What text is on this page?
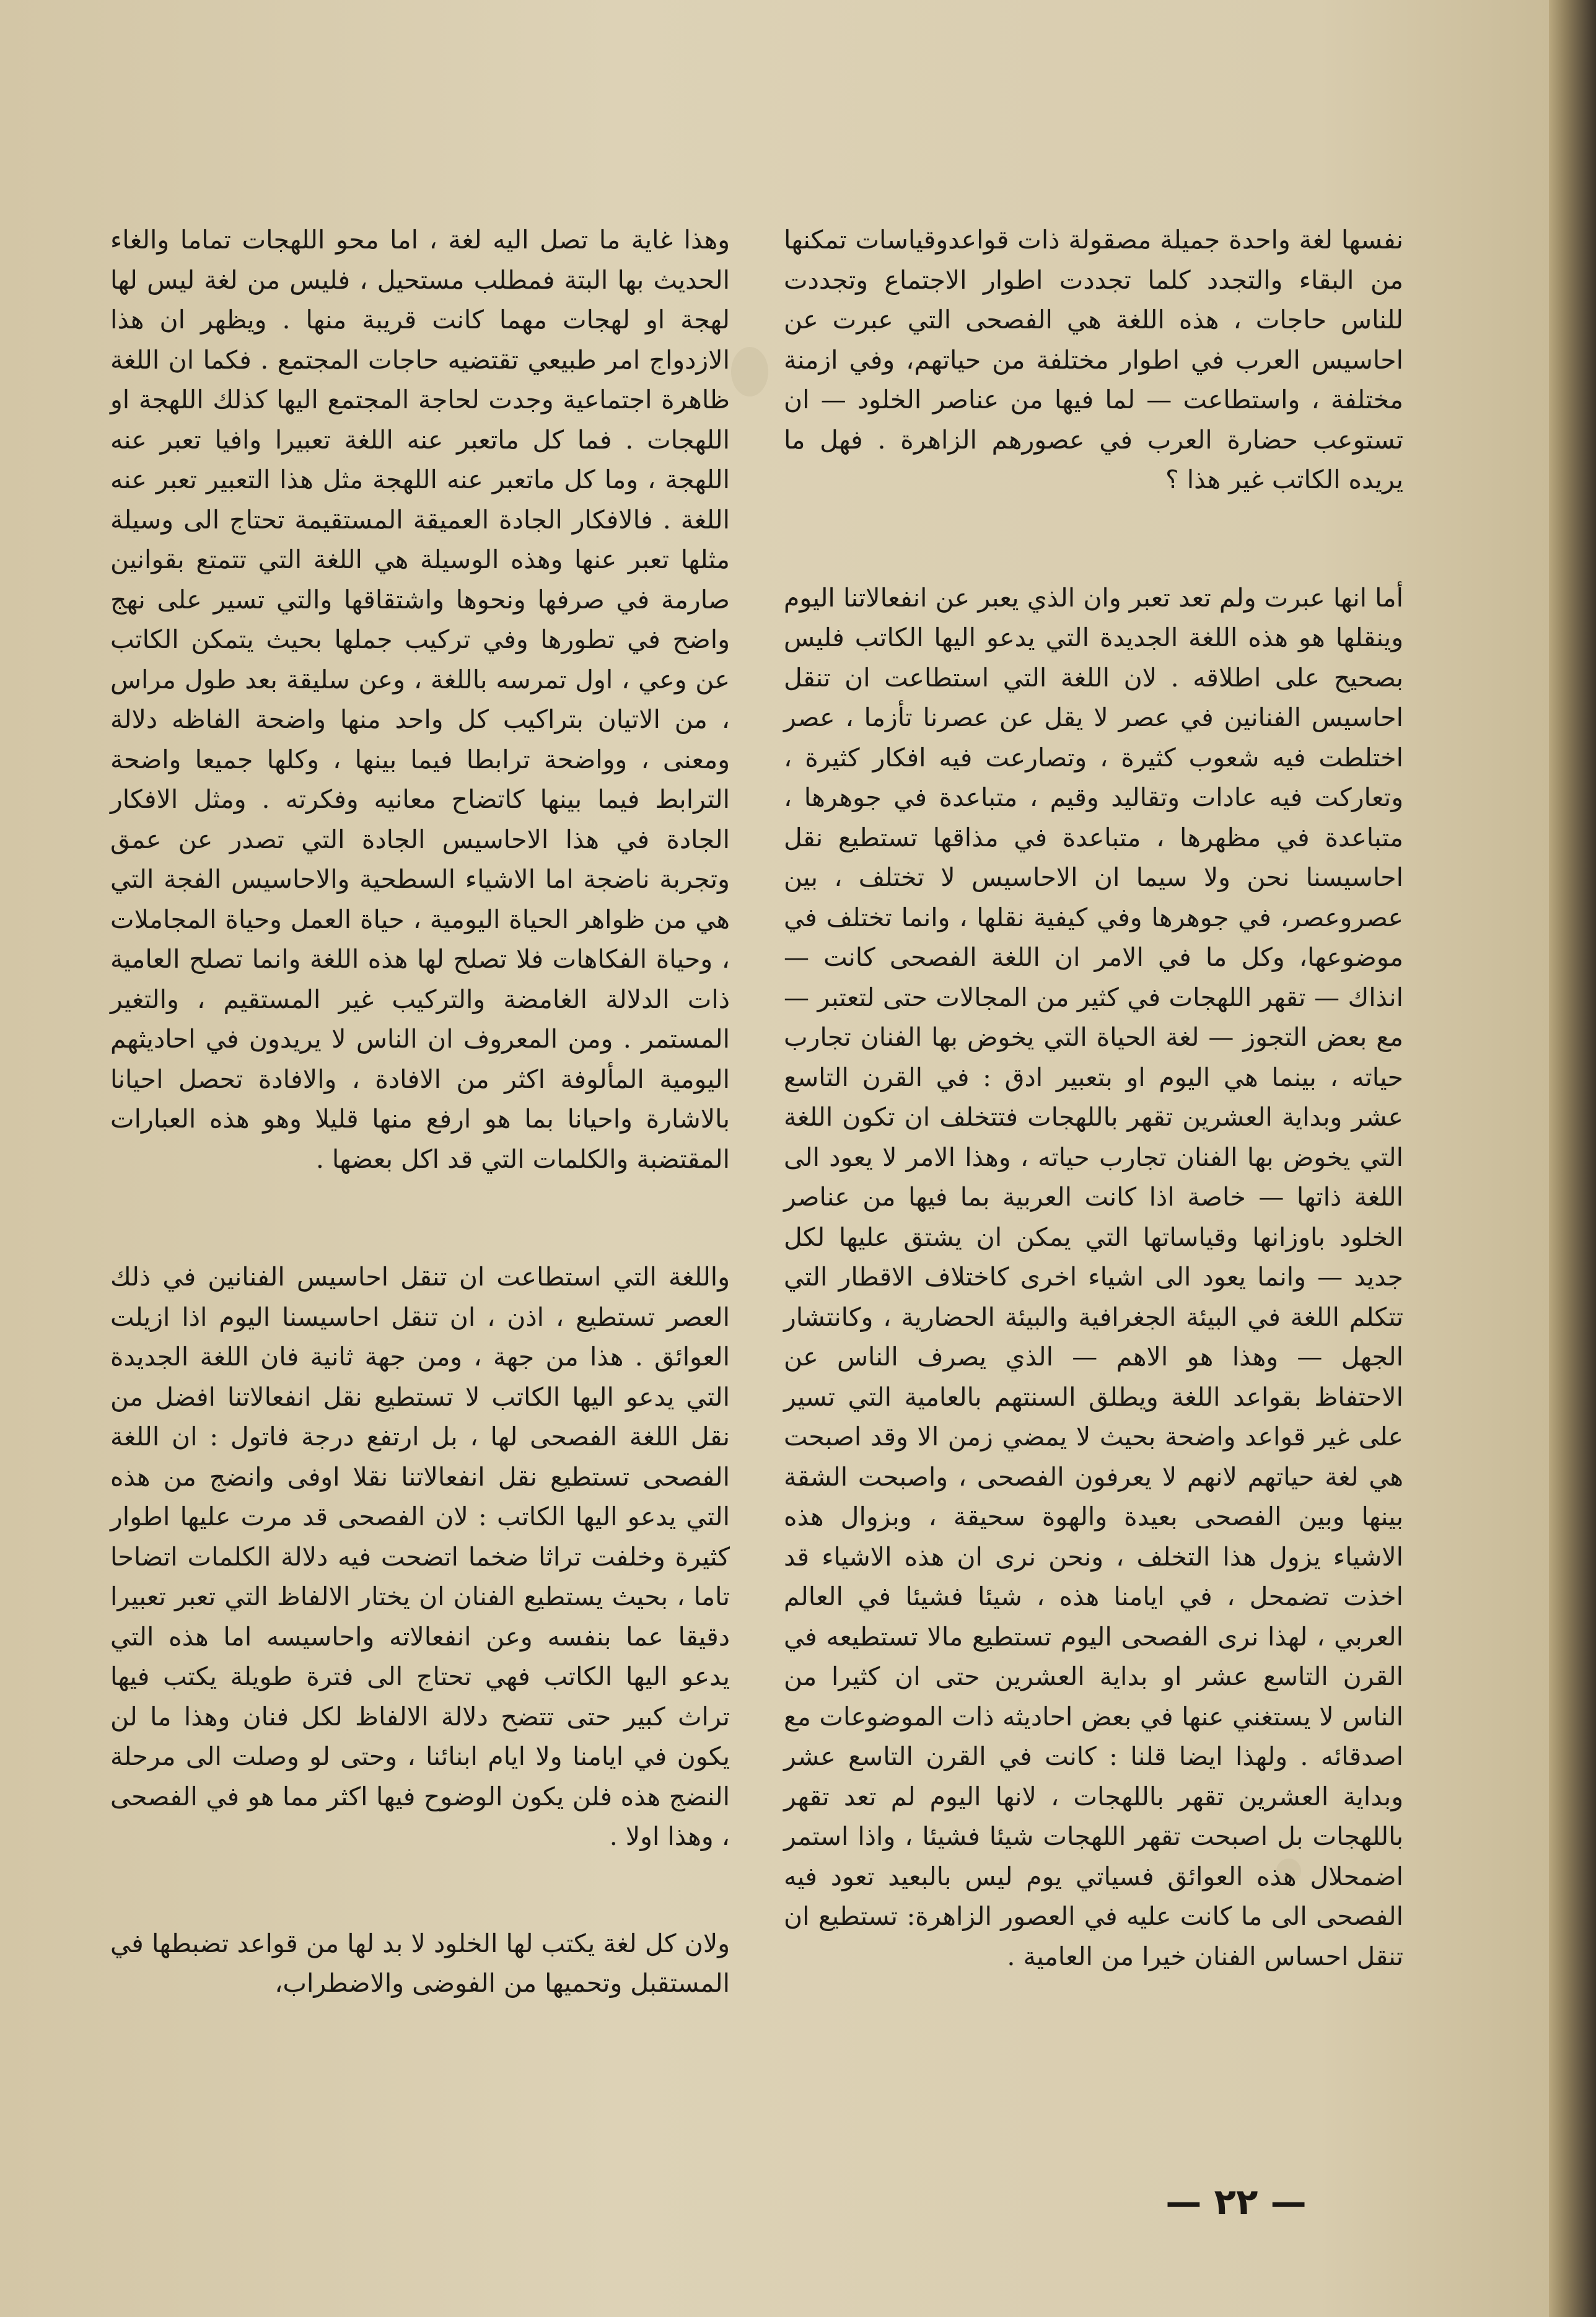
نفسها لغة واحدة جميلة مصقولة ذات قواعدوقياسات تمكنها من البقاء والتجدد كلما تجددت اطوار الاجتماع وتجددت للناس حاجات ، هذه اللغة هي الفصحى التي عبرت عن احاسيس العرب في اطوار مختلفة من حياتهم، وفي ازمنة مختلفة ، واستطاعت — لما فيها من عناصر الخلود — ان تستوعب حضارة العرب في عصورهم الزاهرة . فهل ما يريده الكاتب غير هذا ؟

أما انها عبرت ولم تعد تعبر وان الذي يعبر عن انفعالاتنا اليوم وينقلها هو هذه اللغة الجديدة التي يدعو اليها الكاتب فليس بصحيح على اطلاقه . لان اللغة التي استطاعت ان تنقل احاسيس الفنانين في عصر لا يقل عن عصرنا تأزما ، عصر اختلطت فيه شعوب كثيرة ، وتصارعت فيه افكار كثيرة ، وتعاركت فيه عادات وتقاليد وقيم ، متباعدة في جوهرها ، متباعدة في مظهرها ، متباعدة في مذاقها تستطيع نقل احاسيسنا نحن ولا سيما ان الاحاسيس لا تختلف ، بين عصروعصر، في جوهرها وفي كيفية نقلها ، وانما تختلف في موضوعها، وكل ما في الامر ان اللغة الفصحى كانت — انذاك — تقهر اللهجات في كثير من المجالات حتى لتعتبر — مع بعض التجوز — لغة الحياة التي يخوض بها الفنان تجارب حياته ، بينما هي اليوم او بتعبير ادق : في القرن التاسع عشر وبداية العشرين تقهر باللهجات فتتخلف ان تكون اللغة التي يخوض بها الفنان تجارب حياته ، وهذا الامر لا يعود الى اللغة ذاتها — خاصة اذا كانت العربية بما فيها من عناصر الخلود باوزانها وقياساتها التي يمكن ان يشتق عليها لكل جديد — وانما يعود الى اشياء اخرى كاختلاف الاقطار التي تتكلم اللغة في البيئة الجغرافية والبيئة الحضارية ، وكانتشار الجهل — وهذا هو الاهم — الذي يصرف الناس عن الاحتفاظ بقواعد اللغة ويطلق السنتهم بالعامية التي تسير على غير قواعد واضحة بحيث لا يمضي زمن الا وقد اصبحت هي لغة حياتهم لانهم لا يعرفون الفصحى ، واصبحت الشقة بينها وبين الفصحى بعيدة والهوة سحيقة ، وبزوال هذه الاشياء يزول هذا التخلف ، ونحن نرى ان هذه الاشياء قد اخذت تضمحل ، في ايامنا هذه ، شيئا فشيئا في العالم العربي ، لهذا نرى الفصحى اليوم تستطيع مالا تستطيعه في القرن التاسع عشر او بداية العشرين حتى ان كثيرا من الناس لا يستغني عنها في بعض احاديثه ذات الموضوعات مع اصدقائه . ولهذا ايضا قلنا : كانت في القرن التاسع عشر وبداية العشرين تقهر باللهجات ، لانها اليوم لم تعد تقهر باللهجات بل اصبحت تقهر اللهجات شيئا فشيئا ، واذا استمر اضمحلال هذه العوائق فسياتي يوم ليس بالبعيد تعود فيه الفصحى الى ما كانت عليه في العصور الزاهرة: تستطيع ان تنقل احساس الفنان خيرا من العامية .

وهذا غاية ما تصل اليه لغة ، اما محو اللهجات تماما والغاء الحديث بها البتة فمطلب مستحيل ، فليس من لغة ليس لها لهجة او لهجات مهما كانت قريبة منها . ويظهر ان هذا الازدواج امر طبيعي تقتضيه حاجات المجتمع . فكما ان اللغة ظاهرة اجتماعية وجدت لحاجة المجتمع اليها كذلك اللهجة او اللهجات . فما كل ماتعبر عنه اللغة تعبيرا وافيا تعبر عنه اللهجة ، وما كل ماتعبر عنه اللهجة مثل هذا التعبير تعبر عنه اللغة . فالافكار الجادة العميقة المستقيمة تحتاج الى وسيلة مثلها تعبر عنها وهذه الوسيلة هي اللغة التي تتمتع بقوانين صارمة في صرفها ونحوها واشتقاقها والتي تسير على نهج واضح في تطورها وفي تركيب جملها بحيث يتمكن الكاتب عن وعي ، اول تمرسه باللغة ، وعن سليقة بعد طول مراس ، من الاتيان بتراكيب كل واحد منها واضحة الفاظه دلالة ومعنى ، وواضحة ترابطا فيما بينها ، وكلها جميعا واضحة الترابط فيما بينها كاتضاح معانيه وفكرته . ومثل الافكار الجادة في هذا الاحاسيس الجادة التي تصدر عن عمق وتجربة ناضجة اما الاشياء السطحية والاحاسيس الفجة التي هي من ظواهر الحياة اليومية ، حياة العمل وحياة المجاملات ، وحياة الفكاهات فلا تصلح لها هذه اللغة وانما تصلح العامية ذات الدلالة الغامضة والتركيب غير المستقيم ، والتغير المستمر . ومن المعروف ان الناس لا يريدون في احاديثهم اليومية المألوفة اكثر من الافادة ، والافادة تحصل احيانا بالاشارة واحيانا بما هو ارفع منها قليلا وهو هذه العبارات المقتضبة والكلمات التي قد اكل بعضها .

واللغة التي استطاعت ان تنقل احاسيس الفنانين في ذلك العصر تستطيع ، اذن ، ان تنقل احاسيسنا اليوم اذا ازيلت العوائق . هذا من جهة ، ومن جهة ثانية فان اللغة الجديدة التي يدعو اليها الكاتب لا تستطيع نقل انفعالاتنا افضل من نقل اللغة الفصحى لها ، بل ارتفع درجة فاتول : ان اللغة الفصحى تستطيع نقل انفعالاتنا نقلا اوفى وانضج من هذه التي يدعو اليها الكاتب : لان الفصحى قد مرت عليها اطوار كثيرة وخلفت تراثا ضخما اتضحت فيه دلالة الكلمات اتضاحا تاما ، بحيث يستطيع الفنان ان يختار الالفاظ التي تعبر تعبيرا دقيقا عما بنفسه وعن انفعالاته واحاسيسه اما هذه التي يدعو اليها الكاتب فهي تحتاج الى فترة طويلة يكتب فيها تراث كبير حتى تتضح دلالة الالفاظ لكل فنان وهذا ما لن يكون في ايامنا ولا ايام ابنائنا ، وحتى لو وصلت الى مرحلة النضج هذه فلن يكون الوضوح فيها اكثر مما هو في الفصحى ، وهذا اولا .

ولان كل لغة يكتب لها الخلود لا بد لها من قواعد تضبطها في المستقبل وتحميها من الفوضى والاضطراب،

— ٢٢ —
